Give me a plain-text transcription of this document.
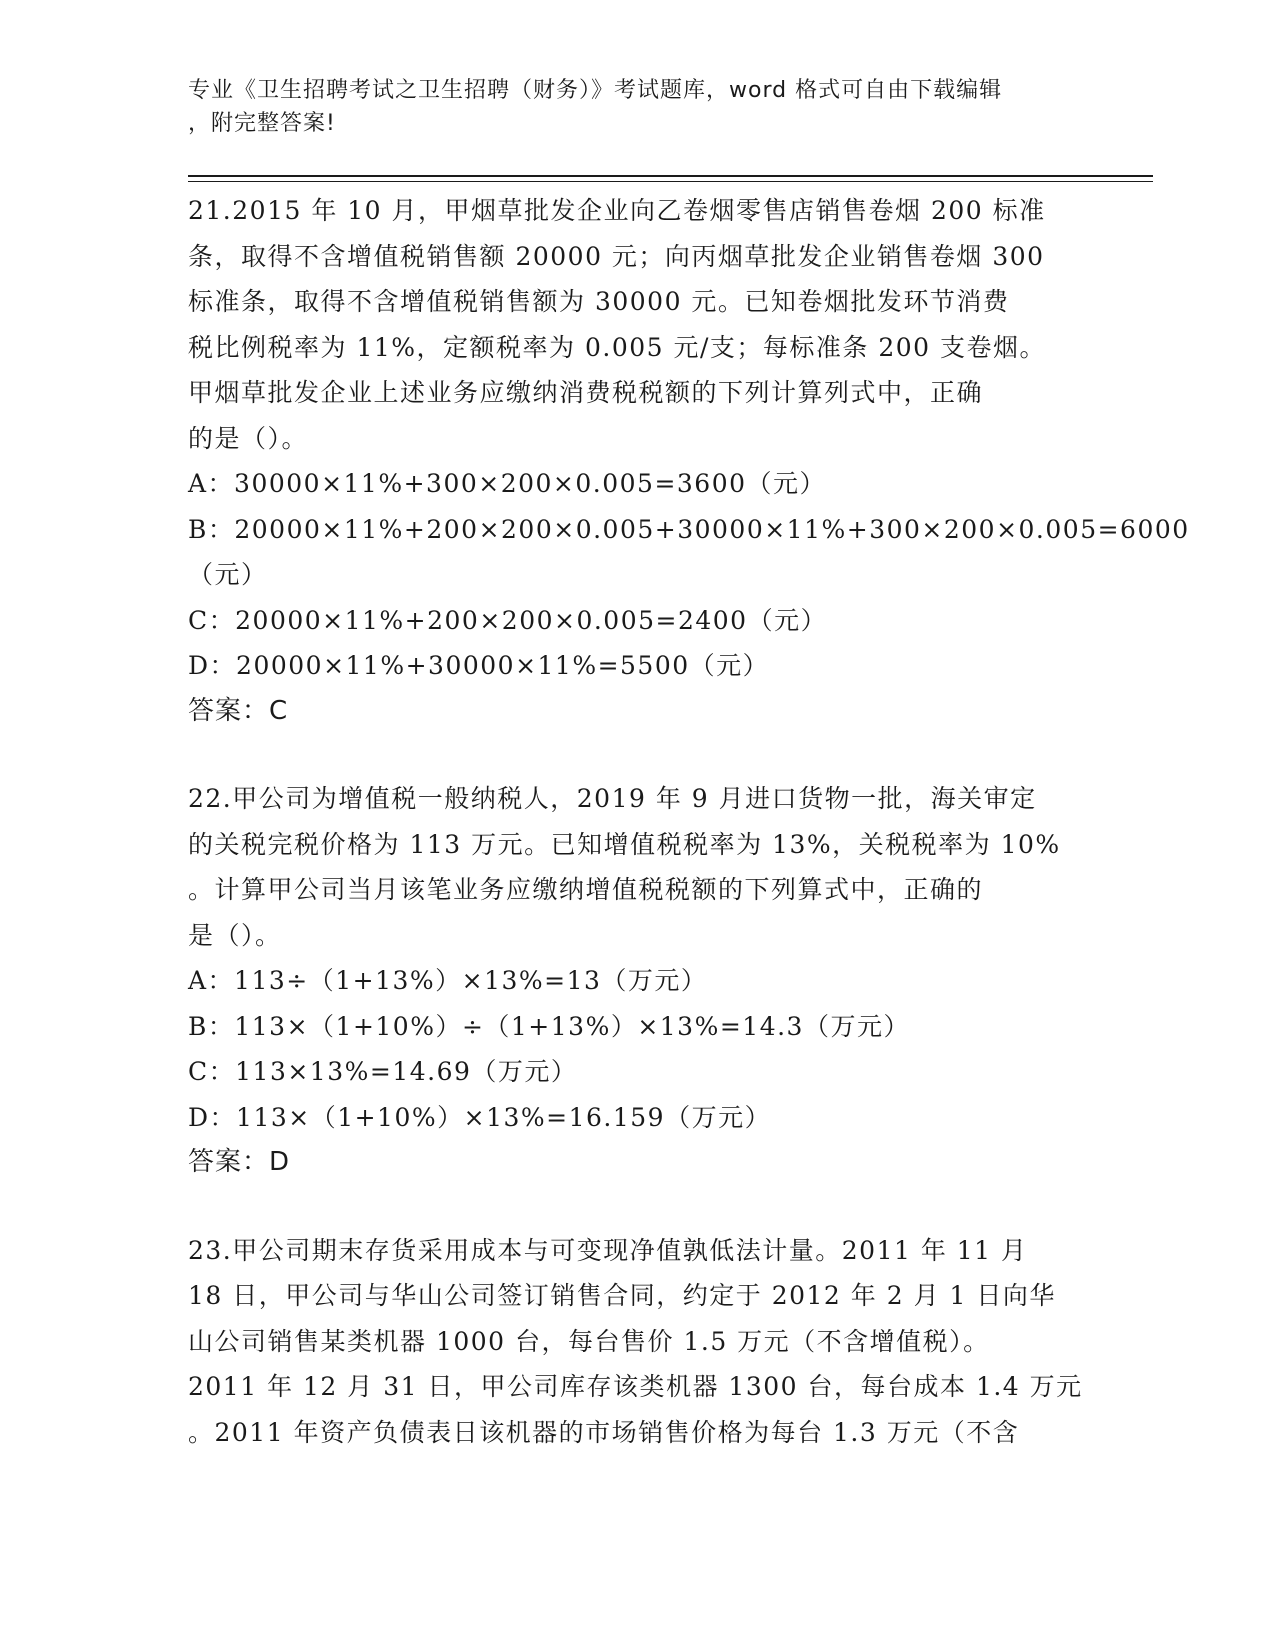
专业《卫生招聘考试之卫生招聘（财务）》考试题库，word 格式可自由下载编辑
，附完整答案!
21.2015 年 10 月，甲烟草批发企业向乙卷烟零售店销售卷烟 200 标准
条，取得不含增值税销售额 20000 元；向丙烟草批发企业销售卷烟 300
标准条，取得不含增值税销售额为 30000 元。已知卷烟批发环节消费
税比例税率为 11%，定额税率为 0.005 元/支；每标准条 200 支卷烟。
甲烟草批发企业上述业务应缴纳消费税税额的下列计算列式中，正确
的是（）。
A：30000×11%+300×200×0.005=3600（元）
B：20000×11%+200×200×0.005+30000×11%+300×200×0.005=6000
（元）
C：20000×11%+200×200×0.005=2400（元）
D：20000×11%+30000×11%=5500（元）
答案：C
22.甲公司为增值税一般纳税人，2019 年 9 月进口货物一批，海关审定
的关税完税价格为 113 万元。已知增值税税率为 13%，关税税率为 10%
。计算甲公司当月该笔业务应缴纳增值税税额的下列算式中，正确的
是（）。
A：113÷（1+13%）×13%=13（万元）
B：113×（1+10%）÷（1+13%）×13%=14.3（万元）
C：113×13%=14.69（万元）
D：113×（1+10%）×13%=16.159（万元）
答案：D
23.甲公司期末存货采用成本与可变现净值孰低法计量。2011 年 11 月
18 日，甲公司与华山公司签订销售合同，约定于 2012 年 2 月 1 日向华
山公司销售某类机器 1000 台，每台售价 1.5 万元（不含增值税）。
2011 年 12 月 31 日，甲公司库存该类机器 1300 台，每台成本 1.4 万元
。2011 年资产负债表日该机器的市场销售价格为每台 1.3 万元（不含
